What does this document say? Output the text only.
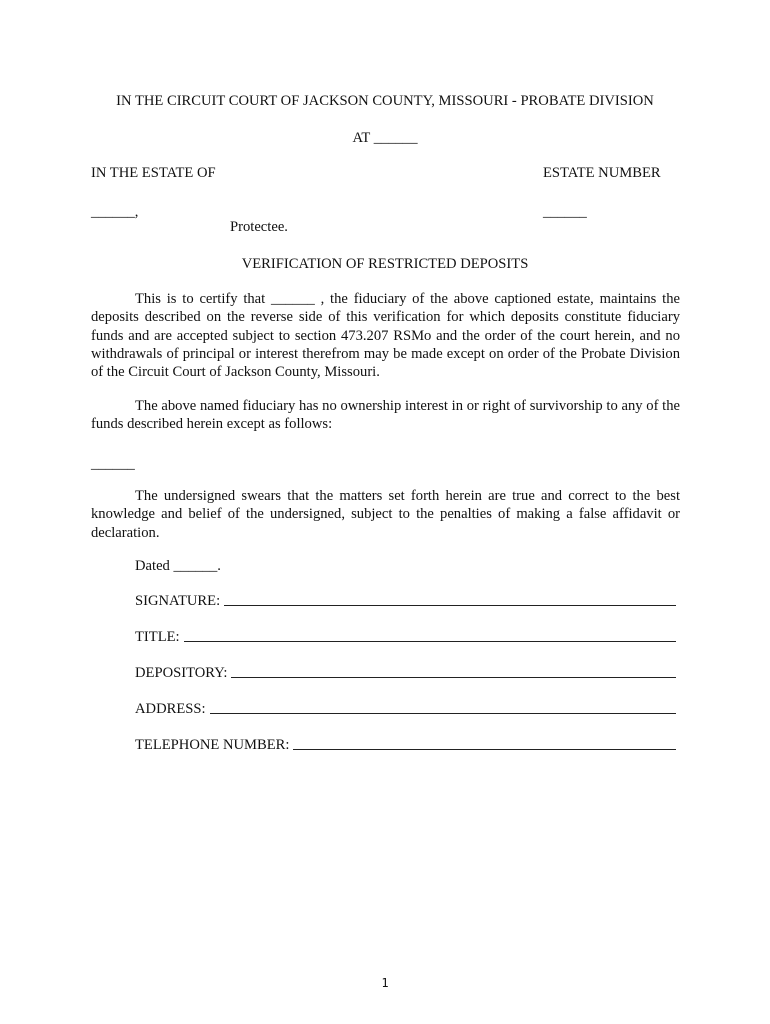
IN THE CIRCUIT COURT OF JACKSON COUNTY, MISSOURI - PROBATE DIVISION
AT ______
IN THE ESTATE OF	ESTATE NUMBER
______,	______
Protectee.
VERIFICATION OF RESTRICTED DEPOSITS
This is to certify that ______ , the fiduciary of the above captioned estate, maintains the deposits described on the reverse side of this verification for which deposits constitute fiduciary funds and are accepted subject to section 473.207 RSMo and the order of the court herein, and no withdrawals of principal or interest therefrom may be made except on order of the Probate Division of the Circuit Court of Jackson County, Missouri.
The above named fiduciary has no ownership interest in or right of survivorship to any of the funds described herein except as follows:
______
The undersigned swears that the matters set forth herein are true and correct to the best knowledge and belief of the undersigned, subject to the penalties of making a false affidavit or declaration.
Dated ______.
SIGNATURE:
TITLE:
DEPOSITORY:
ADDRESS:
TELEPHONE NUMBER:
1
